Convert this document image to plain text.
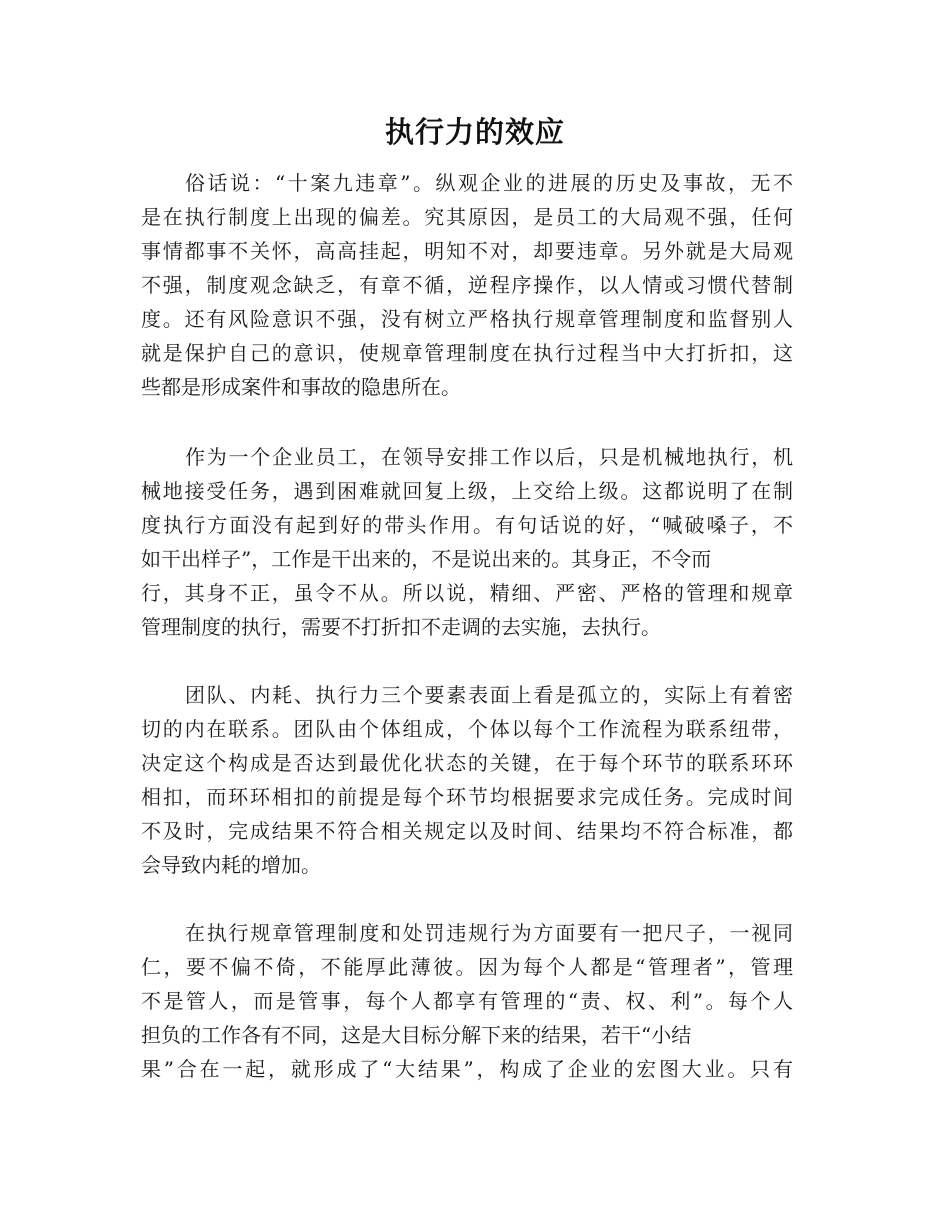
执行力的效应
俗话说：“十案九违章”。纵观企业的进展的历史及事故，无不
是在执行制度上出现的偏差。究其原因，是员工的大局观不强，任何
事情都事不关怀，高高挂起，明知不对，却要违章。另外就是大局观
不强，制度观念缺乏，有章不循，逆程序操作，以人情或习惯代替制
度。还有风险意识不强，没有树立严格执行规章管理制度和监督别人
就是保护自己的意识，使规章管理制度在执行过程当中大打折扣，这
些都是形成案件和事故的隐患所在。
作为一个企业员工，在领导安排工作以后，只是机械地执行，机
械地接受任务，遇到困难就回复上级，上交给上级。这都说明了在制
度执行方面没有起到好的带头作用。有句话说的好，“喊破嗓子，不
如干出样子”，工作是干出来的，不是说出来的。其身正，不令而
行，其身不正，虽令不从。所以说，精细、严密、严格的管理和规章
管理制度的执行，需要不打折扣不走调的去实施，去执行。
团队、内耗、执行力三个要素表面上看是孤立的，实际上有着密
切的内在联系。团队由个体组成，个体以每个工作流程为联系纽带，
决定这个构成是否达到最优化状态的关键，在于每个环节的联系环环
相扣，而环环相扣的前提是每个环节均根据要求完成任务。完成时间
不及时，完成结果不符合相关规定以及时间、结果均不符合标准，都
会导致内耗的增加。
在执行规章管理制度和处罚违规行为方面要有一把尺子，一视同
仁，要不偏不倚，不能厚此薄彼。因为每个人都是“管理者”，管理
不是管人，而是管事，每个人都享有管理的“责、权、利”。每个人
担负的工作各有不同，这是大目标分解下来的结果，若干“小结
果”合在一起，就形成了“大结果”，构成了企业的宏图大业。只有
